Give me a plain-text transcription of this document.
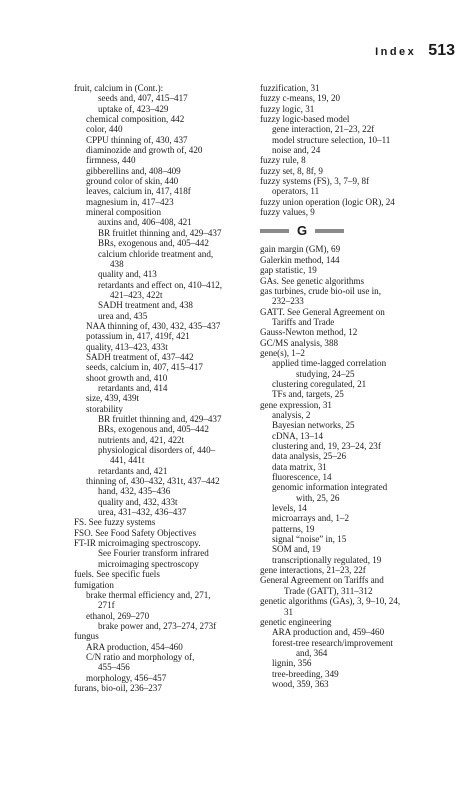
Index 513
fruit, calcium in (Cont.):
seeds and, 407, 415–417
uptake of, 423–429
chemical composition, 442
color, 440
CPPU thinning of, 430, 437
diaminozide and growth of, 420
firmness, 440
gibberellins and, 408–409
ground color of skin, 440
leaves, calcium in, 417, 418f
magnesium in, 417–423
mineral composition
auxins and, 406–408, 421
BR fruitlet thinning and, 429–437
BRs, exogenous and, 405–442
calcium chloride treatment and,
438
quality and, 413
retardants and effect on, 410–412,
421–423, 422t
SADH treatment and, 438
urea and, 435
NAA thinning of, 430, 432, 435–437
potassium in, 417, 419f, 421
quality, 413–423, 433t
SADH treatment of, 437–442
seeds, calcium in, 407, 415–417
shoot growth and, 410
retardants and, 414
size, 439, 439t
storability
BR fruitlet thinning and, 429–437
BRs, exogenous and, 405–442
nutrients and, 421, 422t
physiological disorders of, 440–
441, 441t
retardants and, 421
thinning of, 430–432, 431t, 437–442
hand, 432, 435–436
quality and, 432, 433t
urea, 431–432, 436–437
FS. See fuzzy systems
FSO. See Food Safety Objectives
FT-IR microimaging spectroscopy.
See Fourier transform infrared
microimaging spectroscopy
fuels. See specific fuels
fumigation
brake thermal efficiency and, 271,
271f
ethanol, 269–270
brake power and, 273–274, 273f
fungus
ARA production, 454–460
C/N ratio and morphology of,
455–456
morphology, 456–457
furans, bio-oil, 236–237
fuzzification, 31
fuzzy c-means, 19, 20
fuzzy logic, 31
fuzzy logic-based model
gene interaction, 21–23, 22f
model structure selection, 10–11
noise and, 24
fuzzy rule, 8
fuzzy set, 8, 8f, 9
fuzzy systems (FS), 3, 7–9, 8f
operators, 11
fuzzy union operation (logic OR), 24
fuzzy values, 9
G
gain margin (GM), 69
Galerkin method, 144
gap statistic, 19
GAs. See genetic algorithms
gas turbines, crude bio-oil use in,
232–233
GATT. See General Agreement on
Tariffs and Trade
Gauss-Newton method, 12
GC/MS analysis, 388
gene(s), 1–2
applied time-lagged correlation
studying, 24–25
clustering coregulated, 21
TFs and, targets, 25
gene expression, 31
analysis, 2
Bayesian networks, 25
cDNA, 13–14
clustering and, 19, 23–24, 23f
data analysis, 25–26
data matrix, 31
fluorescence, 14
genomic information integrated
with, 25, 26
levels, 14
microarrays and, 1–2
patterns, 19
signal “noise” in, 15
SOM and, 19
transcriptionally regulated, 19
gene interactions, 21–23, 22f
General Agreement on Tariffs and
Trade (GATT), 311–312
genetic algorithms (GAs), 3, 9–10, 24,
31
genetic engineering
ARA production and, 459–460
forest-tree research/improvement
and, 364
lignin, 356
tree-breeding, 349
wood, 359, 363
